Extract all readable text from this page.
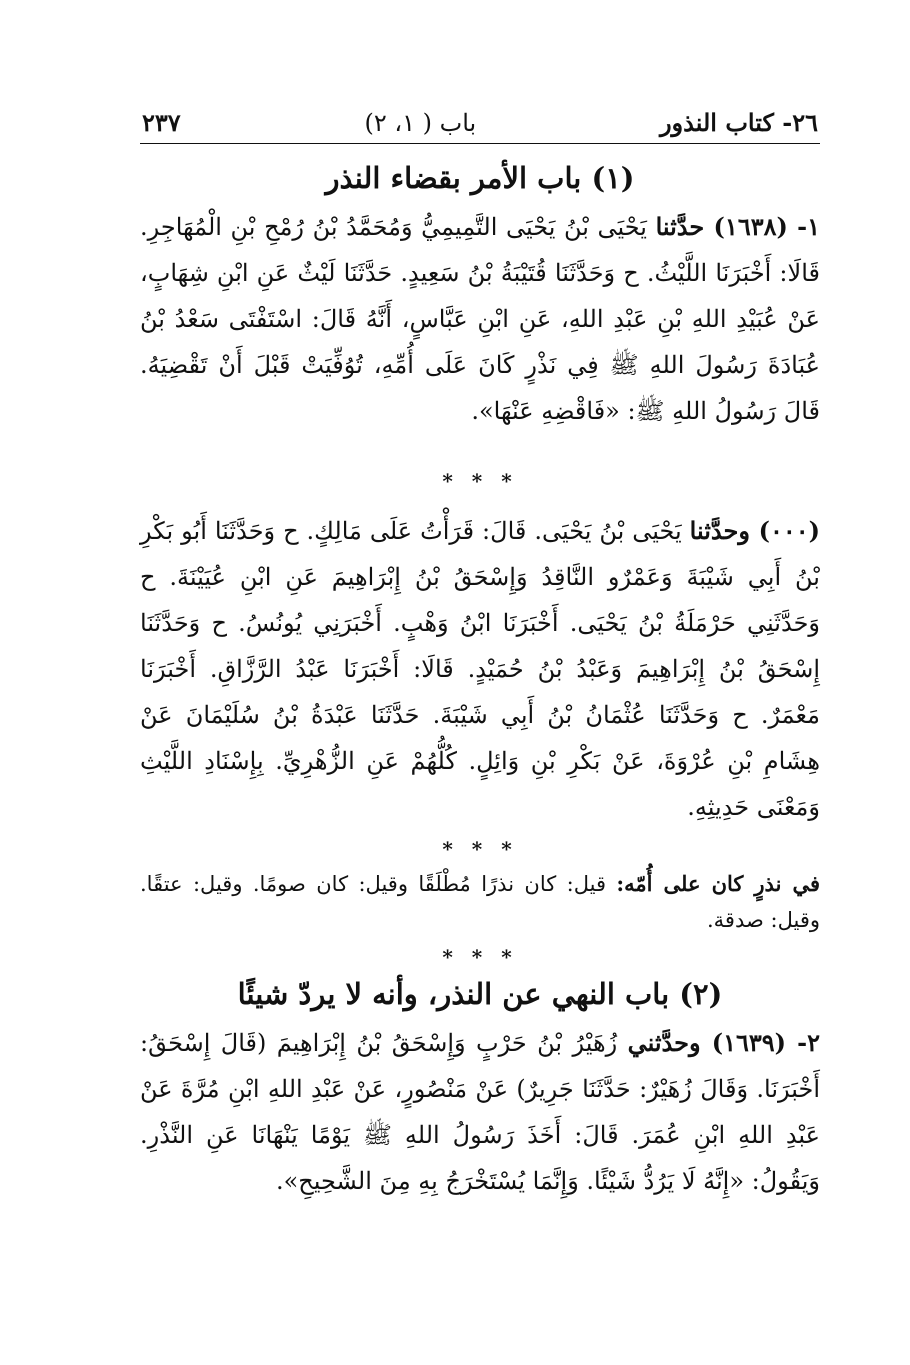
٢٦- كتاب النذور
باب ( ١، ٢)
٢٣٧
(١) باب الأمر بقضاء النذر

١- (١٦٣٨) حدَّثنا يَحْيَى بْنُ يَحْيَى التَّمِيمِيُّ وَمُحَمَّدُ بْنُ رُمْحِ بْنِ الْمُهَاجِرِ. قَالَا: أَخْبَرَنَا اللَّيْثُ. ح وَحَدَّثَنَا قُتَيْبَةُ بْنُ سَعِيدٍ. حَدَّثَنَا لَيْثٌ عَنِ ابْنِ شِهَابٍ، عَنْ عُبَيْدِ اللهِ بْنِ عَبْدِ اللهِ، عَنِ ابْنِ عَبَّاسٍ، أَنَّهُ قَالَ: اسْتَفْتَى سَعْدُ بْنُ عُبَادَةَ رَسُولَ اللهِ ﷺ فِي نَذْرٍ كَانَ عَلَى أُمِّهِ، تُوُفِّيَتْ قَبْلَ أَنْ تَقْضِيَهُ. قَالَ رَسُولُ اللهِ ﷺ: «فَاقْضِهِ عَنْهَا».

* * *

(٠٠٠) وحدَّثنا يَحْيَى بْنُ يَحْيَى. قَالَ: قَرَأْتُ عَلَى مَالِكٍ. ح وَحَدَّثَنَا أَبُو بَكْرِ بْنُ أَبِي شَيْبَةَ وَعَمْرٌو النَّاقِدُ وَإِسْحَقُ بْنُ إِبْرَاهِيمَ عَنِ ابْنِ عُيَيْنَةَ. ح وَحَدَّثَنِي حَرْمَلَةُ بْنُ يَحْيَى. أَخْبَرَنَا ابْنُ وَهْبٍ. أَخْبَرَنِي يُونُسُ. ح وَحَدَّثَنَا إِسْحَقُ بْنُ إِبْرَاهِيمَ وَعَبْدُ بْنُ حُمَيْدٍ. قَالَا: أَخْبَرَنَا عَبْدُ الرَّزَّاقِ. أَخْبَرَنَا مَعْمَرٌ. ح وَحَدَّثَنَا عُثْمَانُ بْنُ أَبِي شَيْبَةَ. حَدَّثَنَا عَبْدَةُ بْنُ سُلَيْمَانَ عَنْ هِشَامِ بْنِ عُرْوَةَ، عَنْ بَكْرِ بْنِ وَائِلٍ. كُلُّهُمْ عَنِ الزُّهْرِيِّ. بِإِسْنَادِ اللَّيْثِ وَمَعْنَى حَدِيثِهِ.

* * *

في نذرٍ كان على أُمّه: قيل: كان نذرًا مُطْلَقًا وقيل: كان صومًا. وقيل: عتقًا. وقيل: صدقة.

* * *
(٢) باب النهي عن النذر، وأنه لا يردّ شيئًا

٢- (١٦٣٩) وحدَّثني زُهَيْرُ بْنُ حَرْبٍ وَإِسْحَقُ بْنُ إِبْرَاهِيمَ (قَالَ إِسْحَقُ: أَخْبَرَنَا. وَقَالَ زُهَيْرٌ: حَدَّثَنَا جَرِيرٌ) عَنْ مَنْصُورٍ، عَنْ عَبْدِ اللهِ ابْنِ مُرَّةَ عَنْ عَبْدِ اللهِ ابْنِ عُمَرَ. قَالَ: أَخَذَ رَسُولُ اللهِ ﷺ يَوْمًا يَنْهَانَا عَنِ النَّذْرِ. وَيَقُولُ: «إِنَّهُ لَا يَرُدُّ شَيْئًا. وَإِنَّمَا يُسْتَخْرَجُ بِهِ مِنَ الشَّحِيحِ».
